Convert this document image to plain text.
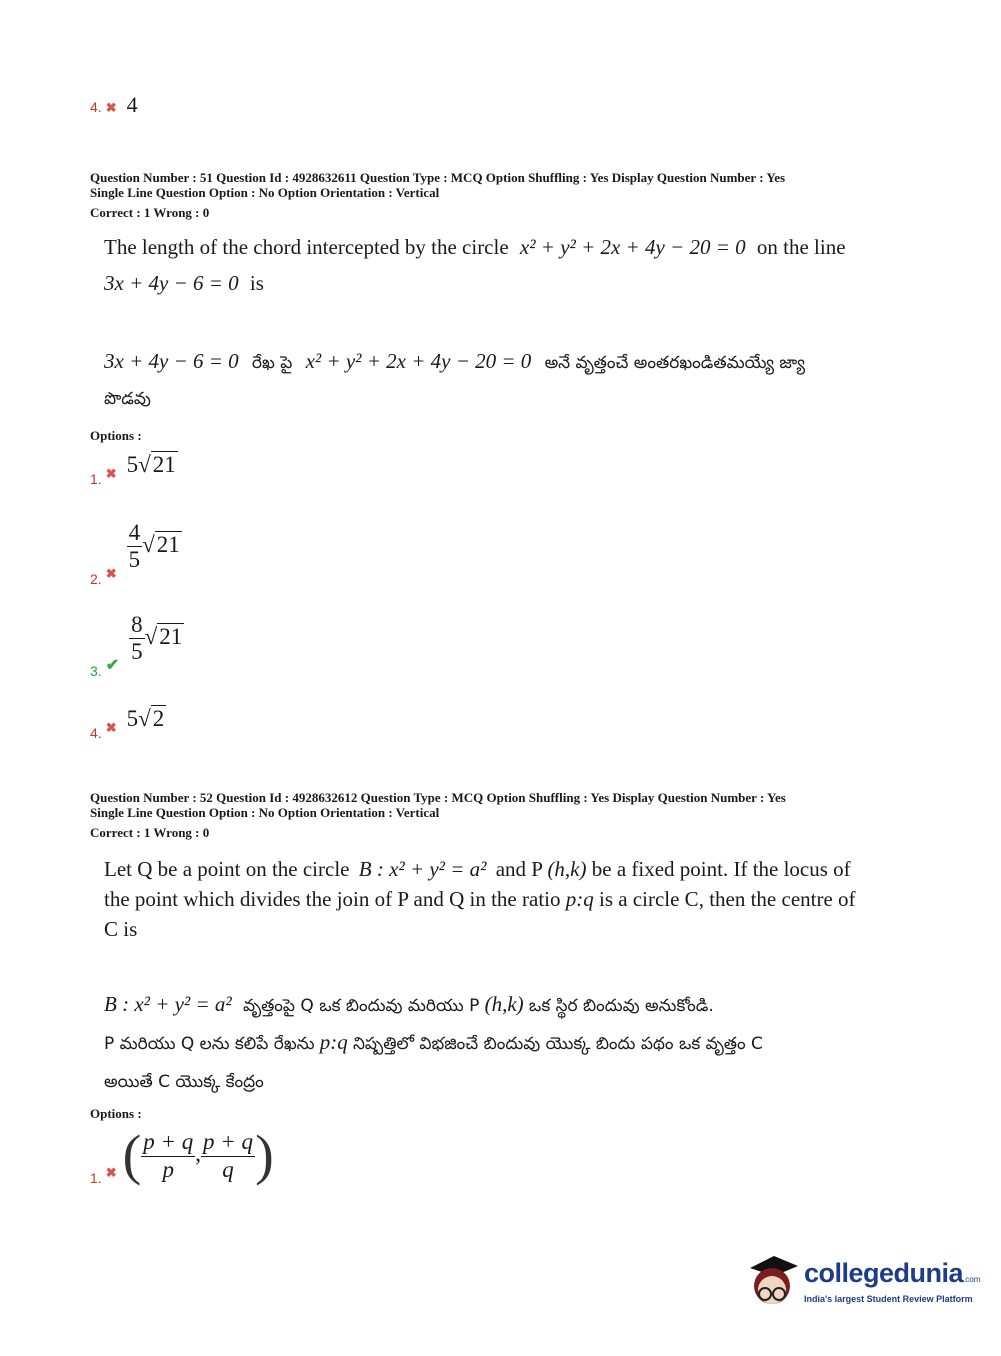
4. ✖ 4
Question Number : 51 Question Id : 4928632611 Question Type : MCQ Option Shuffling : Yes Display Question Number : Yes
Single Line Question Option : No Option Orientation : Vertical
Correct : 1 Wrong : 0
The length of the chord intercepted by the circle x² + y² + 2x + 4y − 20 = 0 on the line
3x + 4y − 6 = 0 is
3x + 4y − 6 = 0 రేఖ పై x² + y² + 2x + 4y − 20 = 0 అనే వృత్తంచే అంతరఖండితమయ్యే జ్యా
పొడవు
Options :
1. $_✖$ 5√21
2. $_✖ \frac{4}{5} √21$
3. ✔ $\frac{8}{5} √21$
4. $_✖$ 5√2
Question Number : 52 Question Id : 4928632612 Question Type : MCQ Option Shuffling : Yes Display Question Number : Yes
Single Line Question Option : No Option Orientation : Vertical
Correct : 1 Wrong : 0
Let Q be a point on the circle B : x² + y² = a² and P (h,k) be a fixed point. If the locus of
the point which divides the join of P and Q in the ratio p:q is a circle C, then the centre of
C is
B : x² + y² = a² వృత్తంపై Q ఒక బిందువు మరియు P (h,k) ఒక స్థిర బిందువు అనుకోండి.
P మరియు Q లను కలిపే రేఖను p:q నిష్పత్తిలో విభజించే బిందువు యొక్క బిందు పథం ఒక వృత్తం C
అయితే C యొక్క కేంద్రం
Options :
1. $_✖$ ( $\frac{p + q}{p}$ , $\frac{p + q}{q}$ )
collegedunia.com
India's largest Student Review Platform
